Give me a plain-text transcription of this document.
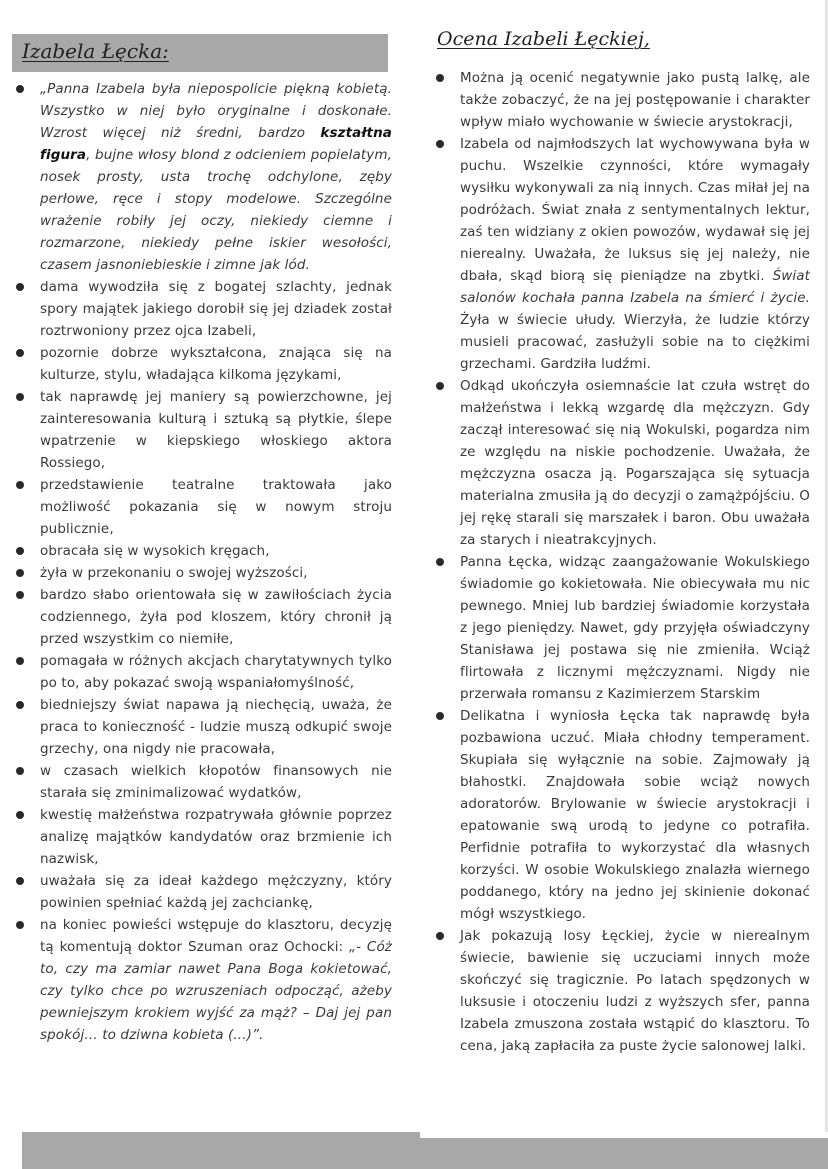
Izabela Łęcka:
„Panna Izabela była niepospolicie piękną kobietą. Wszystko w niej było oryginalne i doskonałe. Wzrost więcej niż średni, bardzo kształtna figura, bujne włosy blond z odcieniem popielatym, nosek prosty, usta trochę odchylone, zęby perłowe, ręce i stopy modelowe. Szczególne wrażenie robiły jej oczy, niekiedy ciemne i rozmarzone, niekiedy pełne iskier wesołości, czasem jasnoniebieskie i zimne jak lód.
dama wywodziła się z bogatej szlachty, jednak spory majątek jakiego dorobił się jej dziadek został roztrwoniony przez ojca Izabeli,
pozornie dobrze wykształcona, znająca się na kulturze, stylu, władająca kilkoma językami,
tak naprawdę jej maniery są powierzchowne, jej zainteresowania kulturą i sztuką są płytkie, ślepe wpatrzenie w kiepskiego włoskiego aktora Rossiego,
przedstawienie teatralne traktowała jako możliwość pokazania się w nowym stroju publicznie,
obracała się w wysokich kręgach,
żyła w przekonaniu o swojej wyższości,
bardzo słabo orientowała się w zawiłościach życia codziennego, żyła pod kloszem, który chronił ją przed wszystkim co niemiłe,
pomagała w różnych akcjach charytatywnych tylko po to, aby pokazać swoją wspaniałomyślność,
biedniejszy świat napawa ją niechęcią, uważa, że praca to konieczność - ludzie muszą odkupić swoje grzechy, ona nigdy nie pracowała,
w czasach wielkich kłopotów finansowych nie starała się zminimalizować wydatków,
kwestię małżeństwa rozpatrywała głównie poprzez analizę majątków kandydatów oraz brzmienie ich nazwisk,
uważała się za ideał każdego mężczyzny, który powinien spełniać każdą jej zachciankę,
na koniec powieści wstępuje do klasztoru, decyzję tą komentują doktor Szuman oraz Ochocki: „- Cóż to, czy ma zamiar nawet Pana Boga kokietować, czy tylko chce po wzruszeniach odpocząć, ażeby pewniejszym krokiem wyjść za mąż? – Daj jej pan spokój… to dziwna kobieta (...)”.
Ocena Izabeli Łęckiej,
Można ją ocenić negatywnie jako pustą lalkę, ale także zobaczyć, że na jej postępowanie i charakter wpływ miało wychowanie w świecie arystokracji,
Izabela od najmłodszych lat wychowywana była w puchu. Wszelkie czynności, które wymagały wysiłku wykonywali za nią innych. Czas miłał jej na podróżach. Świat znała z sentymentalnych lektur, zaś ten widziany z okien powozów, wydawał się jej nierealny. Uważała, że luksus się jej należy, nie dbała, skąd biorą się pieniądze na zbytki. Świat salonów kochała panna Izabela na śmierć i życie. Żyła w świecie ułudy. Wierzyła, że ludzie którzy musieli pracować, zasłużyli sobie na to ciężkimi grzechami. Gardziła ludźmi.
Odkąd ukończyła osiemnaście lat czuła wstręt do małżeństwa i lekką wzgardę dla mężczyzn. Gdy zaczął interesować się nią Wokulski, pogardza nim ze względu na niskie pochodzenie. Uważała, że mężczyzna osacza ją. Pogarszająca się sytuacja materialna zmusiła ją do decyzji o zamążpójściu. O jej rękę starali się marszałek i baron. Obu uważała za starych i nieatrakcyjnych.
Panna Łęcka, widząc zaangażowanie Wokulskiego świadomie go kokietowała. Nie obiecywała mu nic pewnego. Mniej lub bardziej świadomie korzystała z jego pieniędzy. Nawet, gdy przyjęła oświadczyny Stanisława jej postawa się nie zmieniła. Wciąż flirtowała z licznymi mężczyznami. Nigdy nie przerwała romansu z Kazimierzem Starskim
Delikatna i wyniosła Łęcka tak naprawdę była pozbawiona uczuć. Miała chłodny temperament. Skupiała się wyłącznie na sobie. Zajmowały ją błahostki. Znajdowała sobie wciąż nowych adoratorów. Brylowanie w świecie arystokracji i epatowanie swą urodą to jedyne co potrafiła. Perfidnie potrafiła to wykorzystać dla własnych korzyści. W osobie Wokulskiego znalazła wiernego poddanego, który na jedno jej skinienie dokonać mógł wszystkiego.
Jak pokazują losy Łęckiej, życie w nierealnym świecie, bawienie się uczuciami innych może skończyć się tragicznie. Po latach spędzonych w luksusie i otoczeniu ludzi z wyższych sfer, panna Izabela zmuszona została wstąpić do klasztoru. To cena, jaką zapłaciła za puste życie salonowej lalki.
